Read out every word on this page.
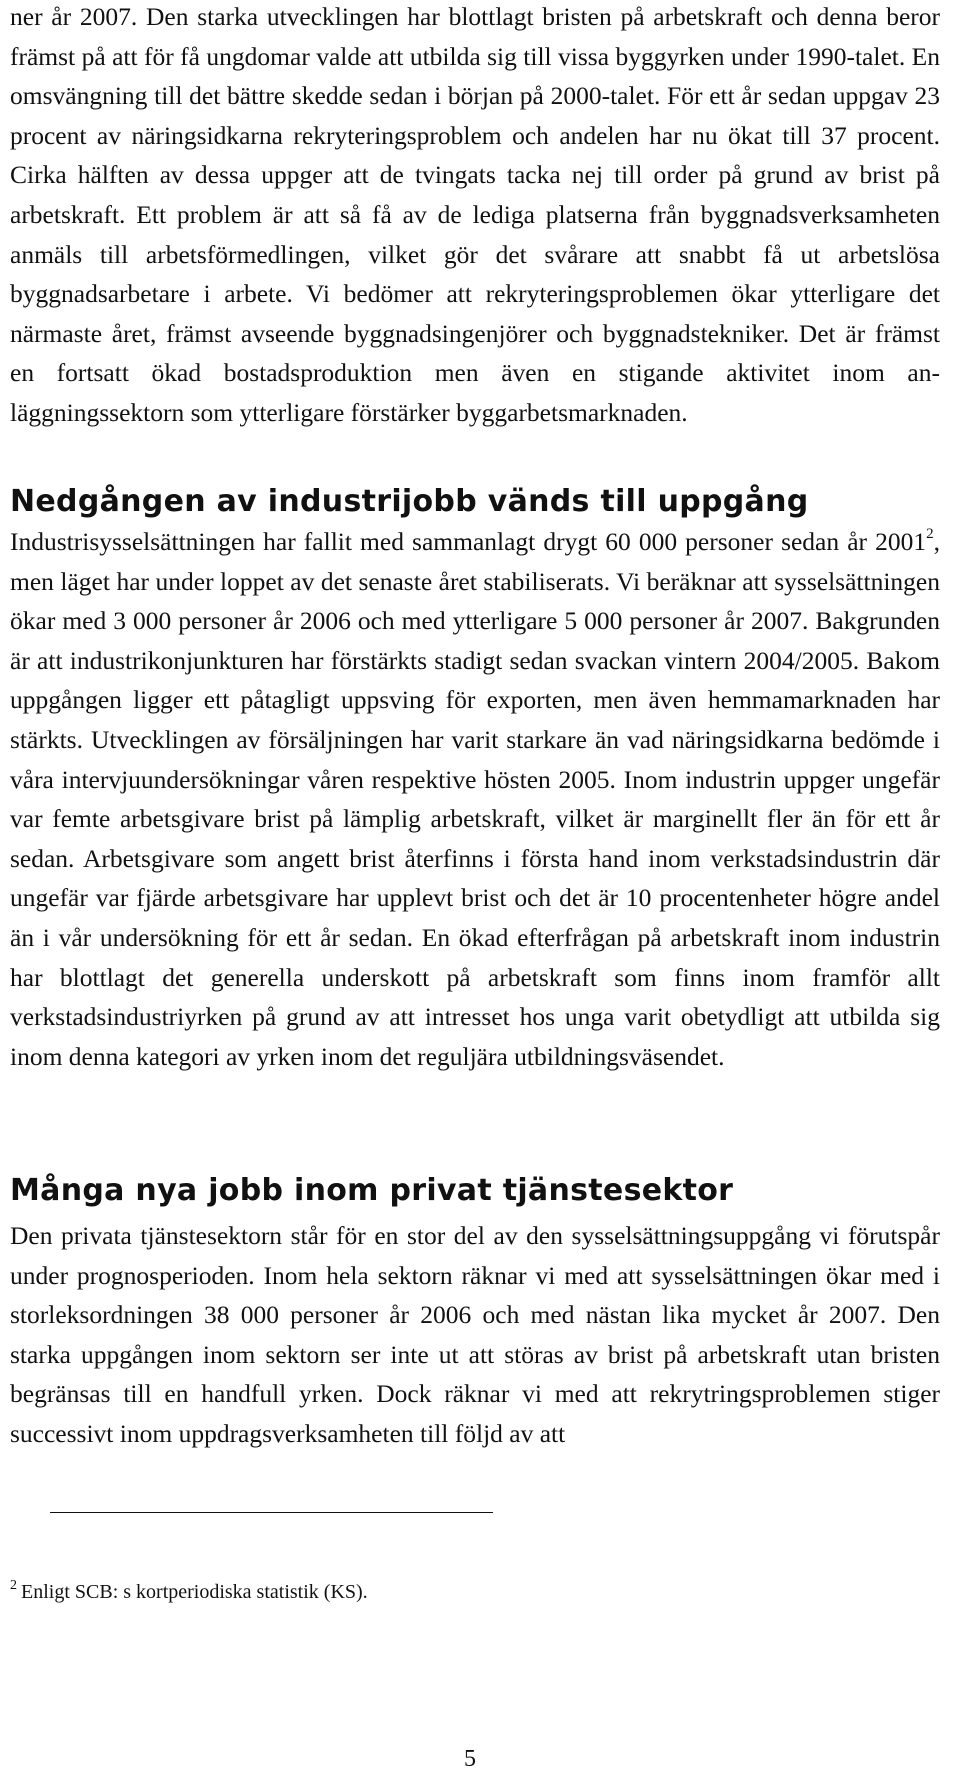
ner år 2007. Den starka utvecklingen har blottlagt bristen på arbetskraft och denna beror främst på att för få ungdomar valde att utbilda sig till vissa byggyrken under 1990-talet. En omsvängning till det bättre skedde sedan i början på 2000-talet. För ett år sedan uppgav 23 procent av näringsidkarna rekryteringsproblem och andelen har nu ökat till 37 procent. Cirka hälften av dessa uppger att de tvingats tacka nej till order på grund av brist på arbetskraft. Ett problem är att så få av de lediga platserna från byggnadsverksamheten anmäls till arbetsförmedlingen, vilket gör det svårare att snabbt få ut arbetslösa byggnadsarbetare i arbete. Vi bedömer att rekryteringsproblemen ökar ytterligare det närmaste året, främst avseende byggnadsingenjörer och byggnadstekniker. Det är främst en fortsatt ökad bostadsproduktion men även en stigande aktivitet inom anläggningssektorn som ytterligare förstärker byggarbetsmarknaden.

Nedgången av industrijobb vänds till uppgång

Industrisysselsättningen har fallit med sammanlagt drygt 60 000 personer sedan år 2001$^2$, men läget har under loppet av det senaste året stabiliserats. Vi beräknar att sysselsättningen ökar med 3 000 personer år 2006 och med ytterligare 5 000 personer år 2007. Bakgrunden är att industrikonjunkturen har förstärkts stadigt sedan svackan vintern 2004/2005. Bakom uppgången ligger ett påtagligt uppsving för exporten, men även hemmamarknaden har stärkts. Utvecklingen av försäljningen har varit starkare än vad näringsidkarna bedömde i våra intervjuundersökningar våren respektive hösten 2005. Inom industrin uppger ungefär var femte arbetsgivare brist på lämplig arbetskraft, vilket är marginellt fler än för ett år sedan. Arbetsgivare som angett brist återfinns i första hand inom verkstadsindustrin där ungefär var fjärde arbetsgivare har upplevt brist och det är 10 procentenheter högre andel än i vår undersökning för ett år sedan. En ökad efterfrågan på arbetskraft inom industrin har blottlagt det generella underskott på arbetskraft som finns inom framför allt verkstadsindustriyrken på grund av att intresset hos unga varit obetydligt att utbilda sig inom denna kategori av yrken inom det reguljära utbildningsväsendet.

Många nya jobb inom privat tjänstesektor

Den privata tjänstesektorn står för en stor del av den sysselsättningsuppgång vi förutspår under prognosperioden. Inom hela sektorn räknar vi med att sysselsättningen ökar med i storleksordningen 38 000 personer år 2006 och med nästan lika mycket år 2007. Den starka uppgången inom sektorn ser inte ut att störas av brist på arbetskraft utan bristen begränsas till en handfull yrken. Dock räknar vi med att rekrytringsproblemen stiger successivt inom uppdragsverksamheten till följd av att

$^2$ Enligt SCB: s kortperiodiska statistik (KS).

5
